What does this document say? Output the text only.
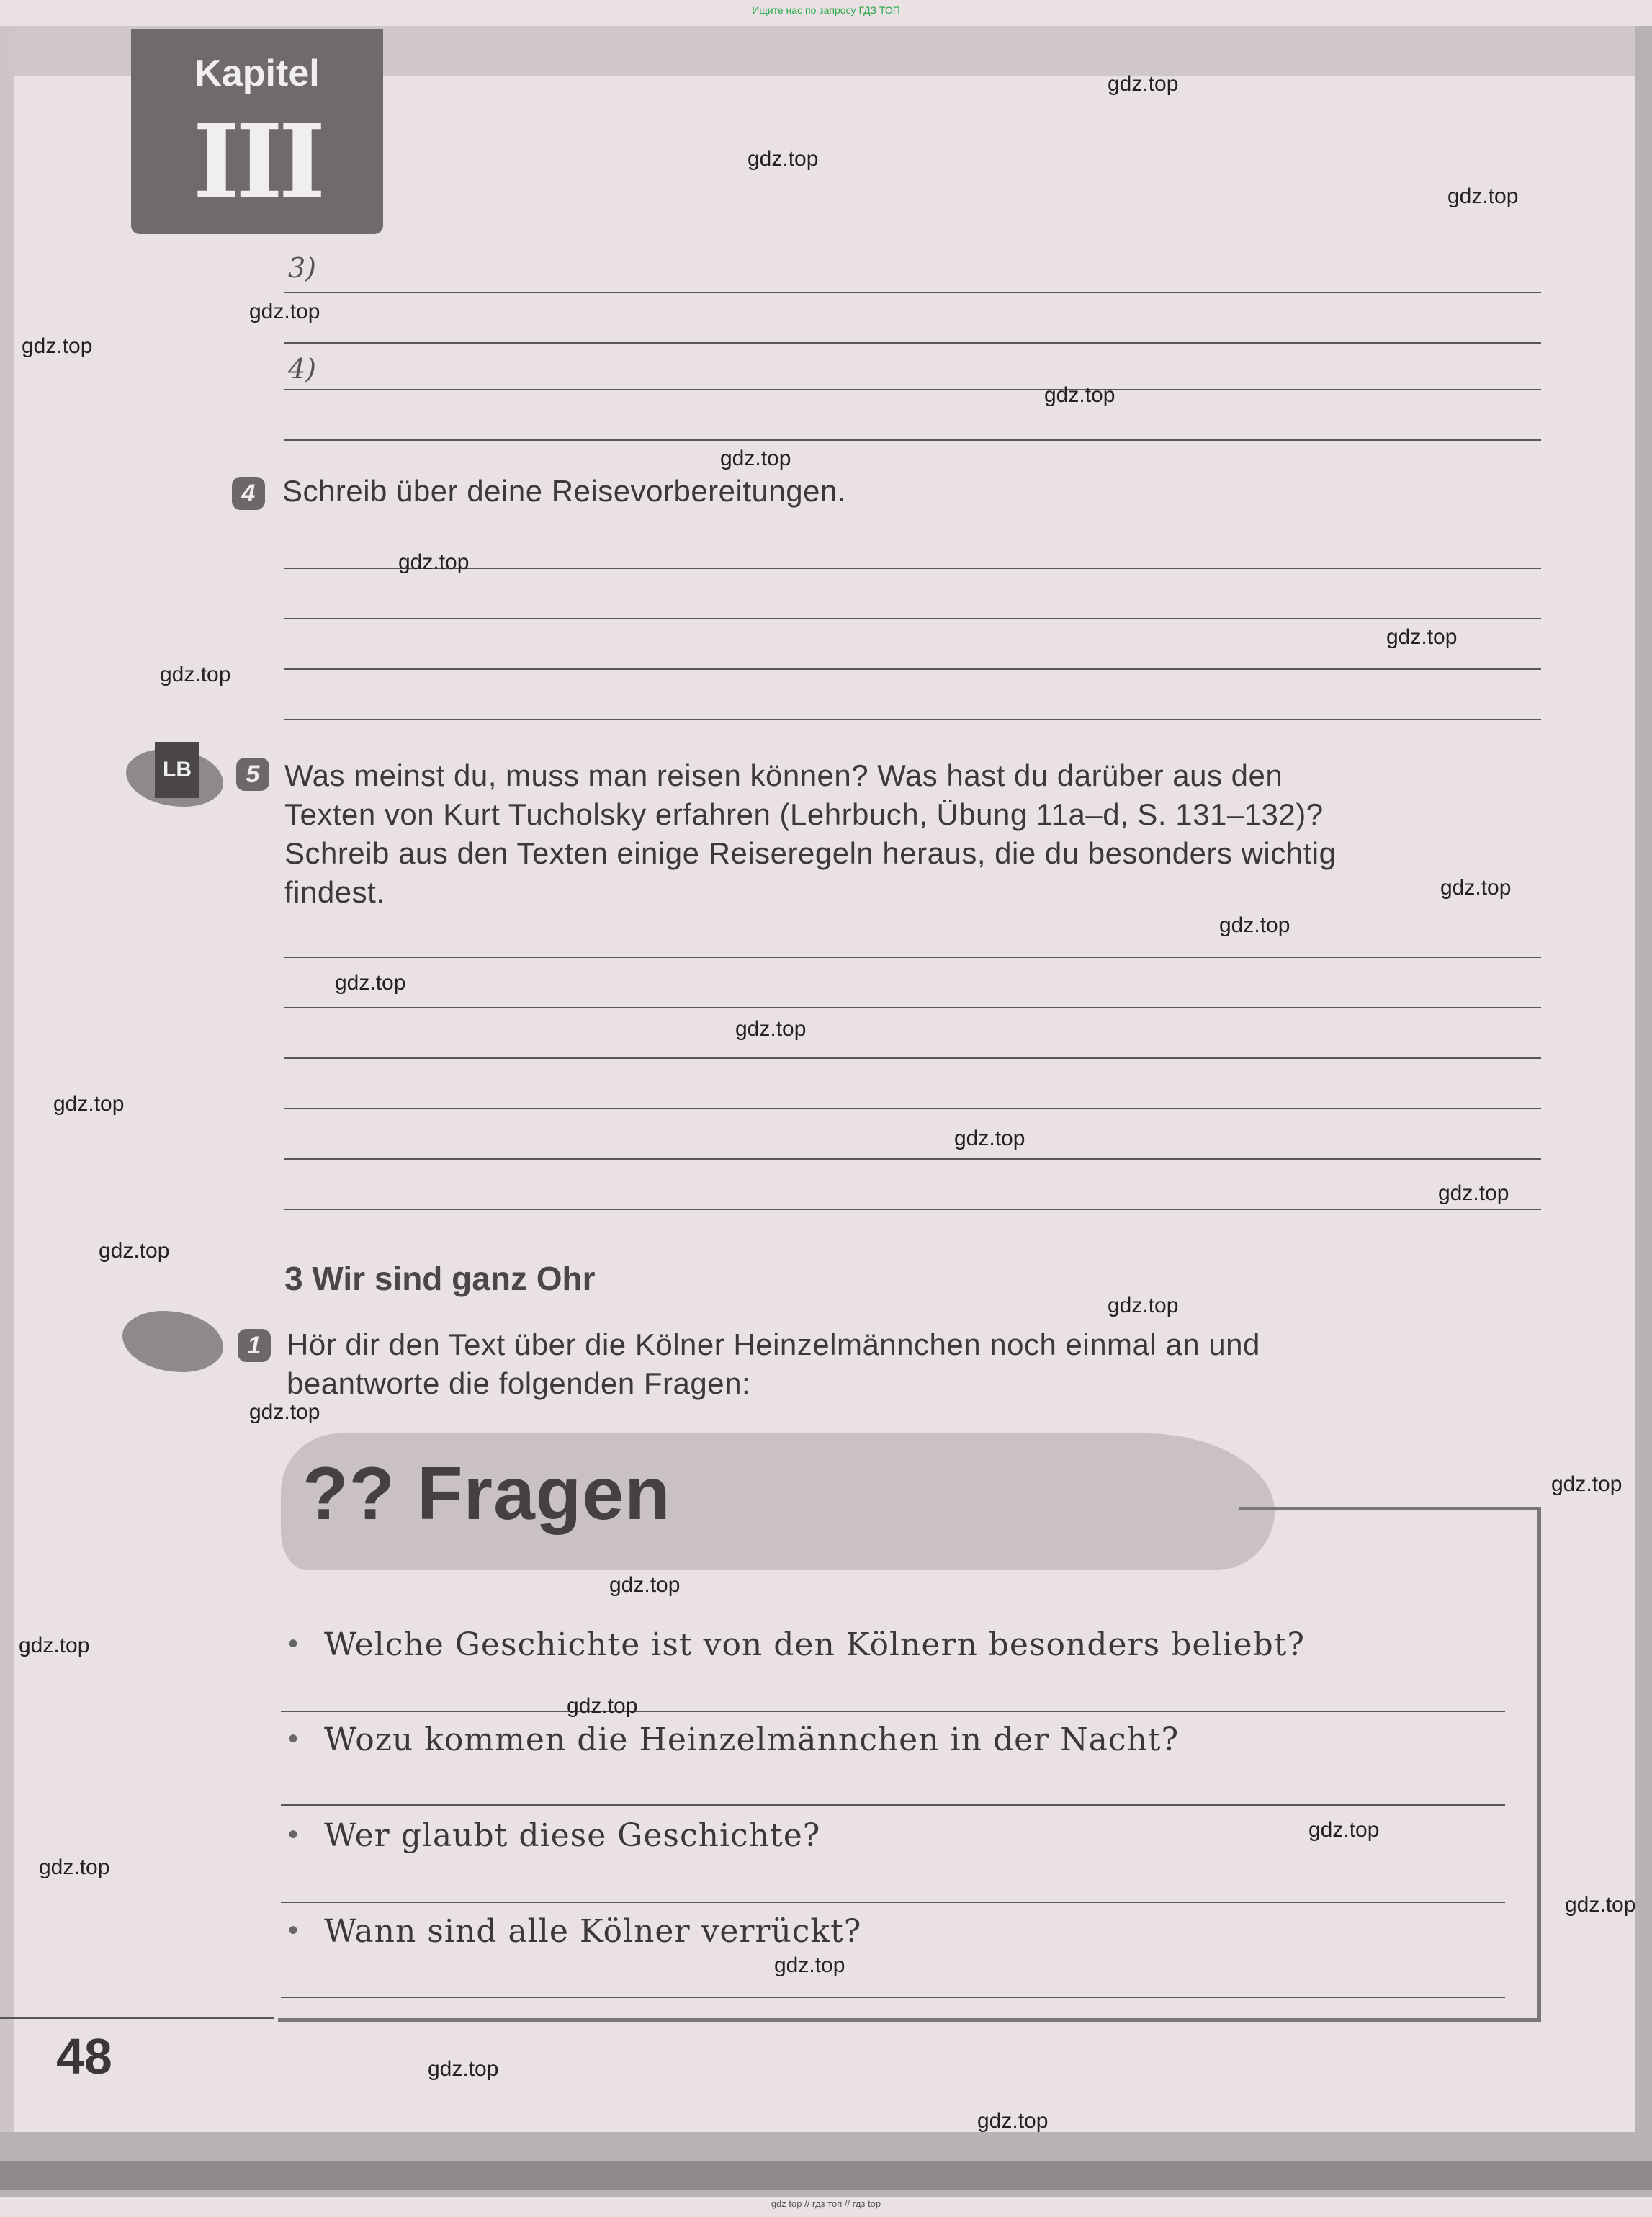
Ищите нас по запросу ГДЗ ТОП
Kapitel
III
3)
4)
4 Schreib über deine Reisevorbereitungen.
LB	5 Was meinst du, muss man reisen können? Was hast du darüber aus den
Texten von Kurt Tucholsky erfahren (Lehrbuch, Übung 11a–d, S. 131–132)?
Schreib aus den Texten einige Reiseregeln heraus, die du besonders wichtig
findest.
3 Wir sind ganz Ohr
1 Hör dir den Text über die Kölner Heinzelmännchen noch einmal an und
beantworte die folgenden Fragen:
?? Fragen
• Welche Geschichte ist von den Kölnern besonders beliebt?
• Wozu kommen die Heinzelmännchen in der Nacht?
• Wer glaubt diese Geschichte?
• Wann sind alle Kölner verrückt?
48
gdz.top
gdz.top
gdz.top
gdz.top
gdz.top
gdz.top
gdz.top
gdz.top
gdz.top
gdz.top
gdz.top
gdz.top
gdz.top
gdz.top
gdz.top
gdz.top
gdz.top
gdz.top
gdz.top
gdz.top
gdz.top
gdz.top
gdz.top
gdz.top
gdz.top
gdz.top
gdz.top
gdz.top
gdz.top
gdz.top
gdz top // гдз топ // гдз top
